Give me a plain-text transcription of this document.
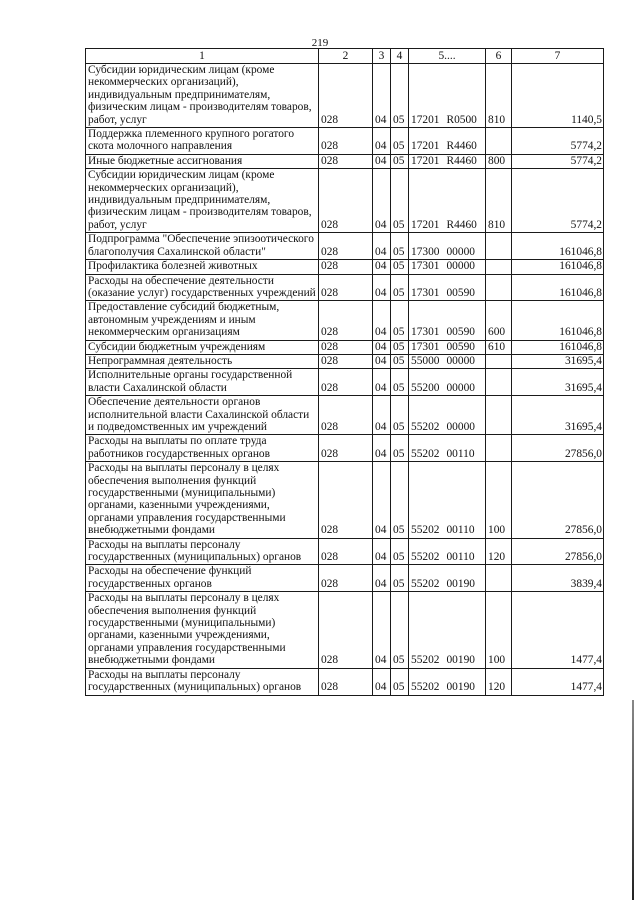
219
1	2	3	4	5....	6	7
Субсидии юридическим лицам (кроме некоммерческих организаций), индивидуальным предпринимателям, физическим лицам - производителям товаров, работ, услуг	028	04	05	17201 R0500	810	1140,5
Поддержка племенного крупного рогатого скота молочного направления	028	04	05	17201 R4460		5774,2
Иные бюджетные ассигнования	028	04	05	17201 R4460	800	5774,2
Субсидии юридическим лицам (кроме некоммерческих организаций), индивидуальным предпринимателям, физическим лицам - производителям товаров, работ, услуг	028	04	05	17201 R4460	810	5774,2
Подпрограмма "Обеспечение эпизоотического благополучия Сахалинской области"	028	04	05	17300 00000		161046,8
Профилактика болезней животных	028	04	05	17301 00000		161046,8
Расходы на обеспечение деятельности (оказание услуг) государственных учреждений	028	04	05	17301 00590		161046,8
Предоставление субсидий бюджетным, автономным учреждениям и иным некоммерческим организациям	028	04	05	17301 00590	600	161046,8
Субсидии бюджетным учреждениям	028	04	05	17301 00590	610	161046,8
Непрограммная деятельность	028	04	05	55000 00000		31695,4
Исполнительные органы государственной власти Сахалинской области	028	04	05	55200 00000		31695,4
Обеспечение деятельности органов исполнительной власти Сахалинской области и подведомственных им учреждений	028	04	05	55202 00000		31695,4
Расходы на выплаты по оплате труда работников государственных органов	028	04	05	55202 00110		27856,0
Расходы на выплаты персоналу в целях обеспечения выполнения функций государственными (муниципальными) органами, казенными учреждениями, органами управления государственными внебюджетными фондами	028	04	05	55202 00110	100	27856,0
Расходы на выплаты персоналу государственных (муниципальных) органов	028	04	05	55202 00110	120	27856,0
Расходы на обеспечение функций государственных органов	028	04	05	55202 00190		3839,4
Расходы на выплаты персоналу в целях обеспечения выполнения функций государственными (муниципальными) органами, казенными учреждениями, органами управления государственными внебюджетными фондами	028	04	05	55202 00190	100	1477,4
Расходы на выплаты персоналу государственных (муниципальных) органов	028	04	05	55202 00190	120	1477,4
